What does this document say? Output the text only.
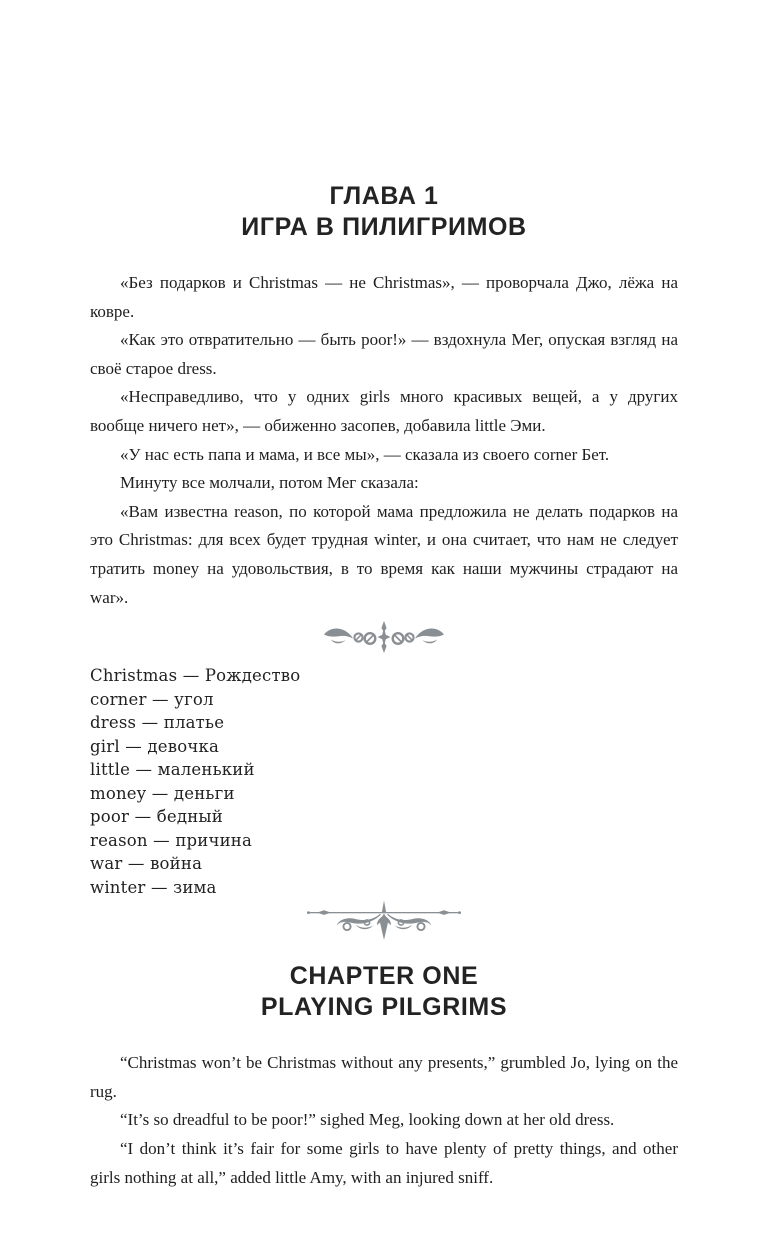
ГЛАВА 1
ИГРА В ПИЛИГРИМОВ

«Без подарков и Christmas — не Christmas», — проворчала Джо, лёжа на ковре.

«Как это отвратительно — быть poor!» — вздохнула Мег, опуская взгляд на своё старое dress.

«Несправедливо, что у одних girls много красивых вещей, а у других вообще ничего нет», — обиженно засопев, добавила little Эми.

«У нас есть папа и мама, и все мы», — сказала из своего corner Бет.

Минуту все молчали, потом Мег сказала:

«Вам известна reason, по которой мама предложила не делать подарков на это Christmas: для всех будет трудная winter, и она считает, что нам не следует тратить money на удовольствия, в то время как наши мужчины страдают на war».

Christmas — Рождество
corner — угол
dress — платье
girl — девочка
little — маленький
money — деньги
poor — бедный
reason — причина
war — война
winter — зима
CHAPTER ONE
PLAYING PILGRIMS

“Christmas won’t be Christmas without any presents,” grumbled Jo, lying on the rug.

“It’s so dreadful to be poor!” sighed Meg, looking down at her old dress.

“I don’t think it’s fair for some girls to have plenty of pretty things, and other girls nothing at all,” added little Amy, with an injured sniff.
